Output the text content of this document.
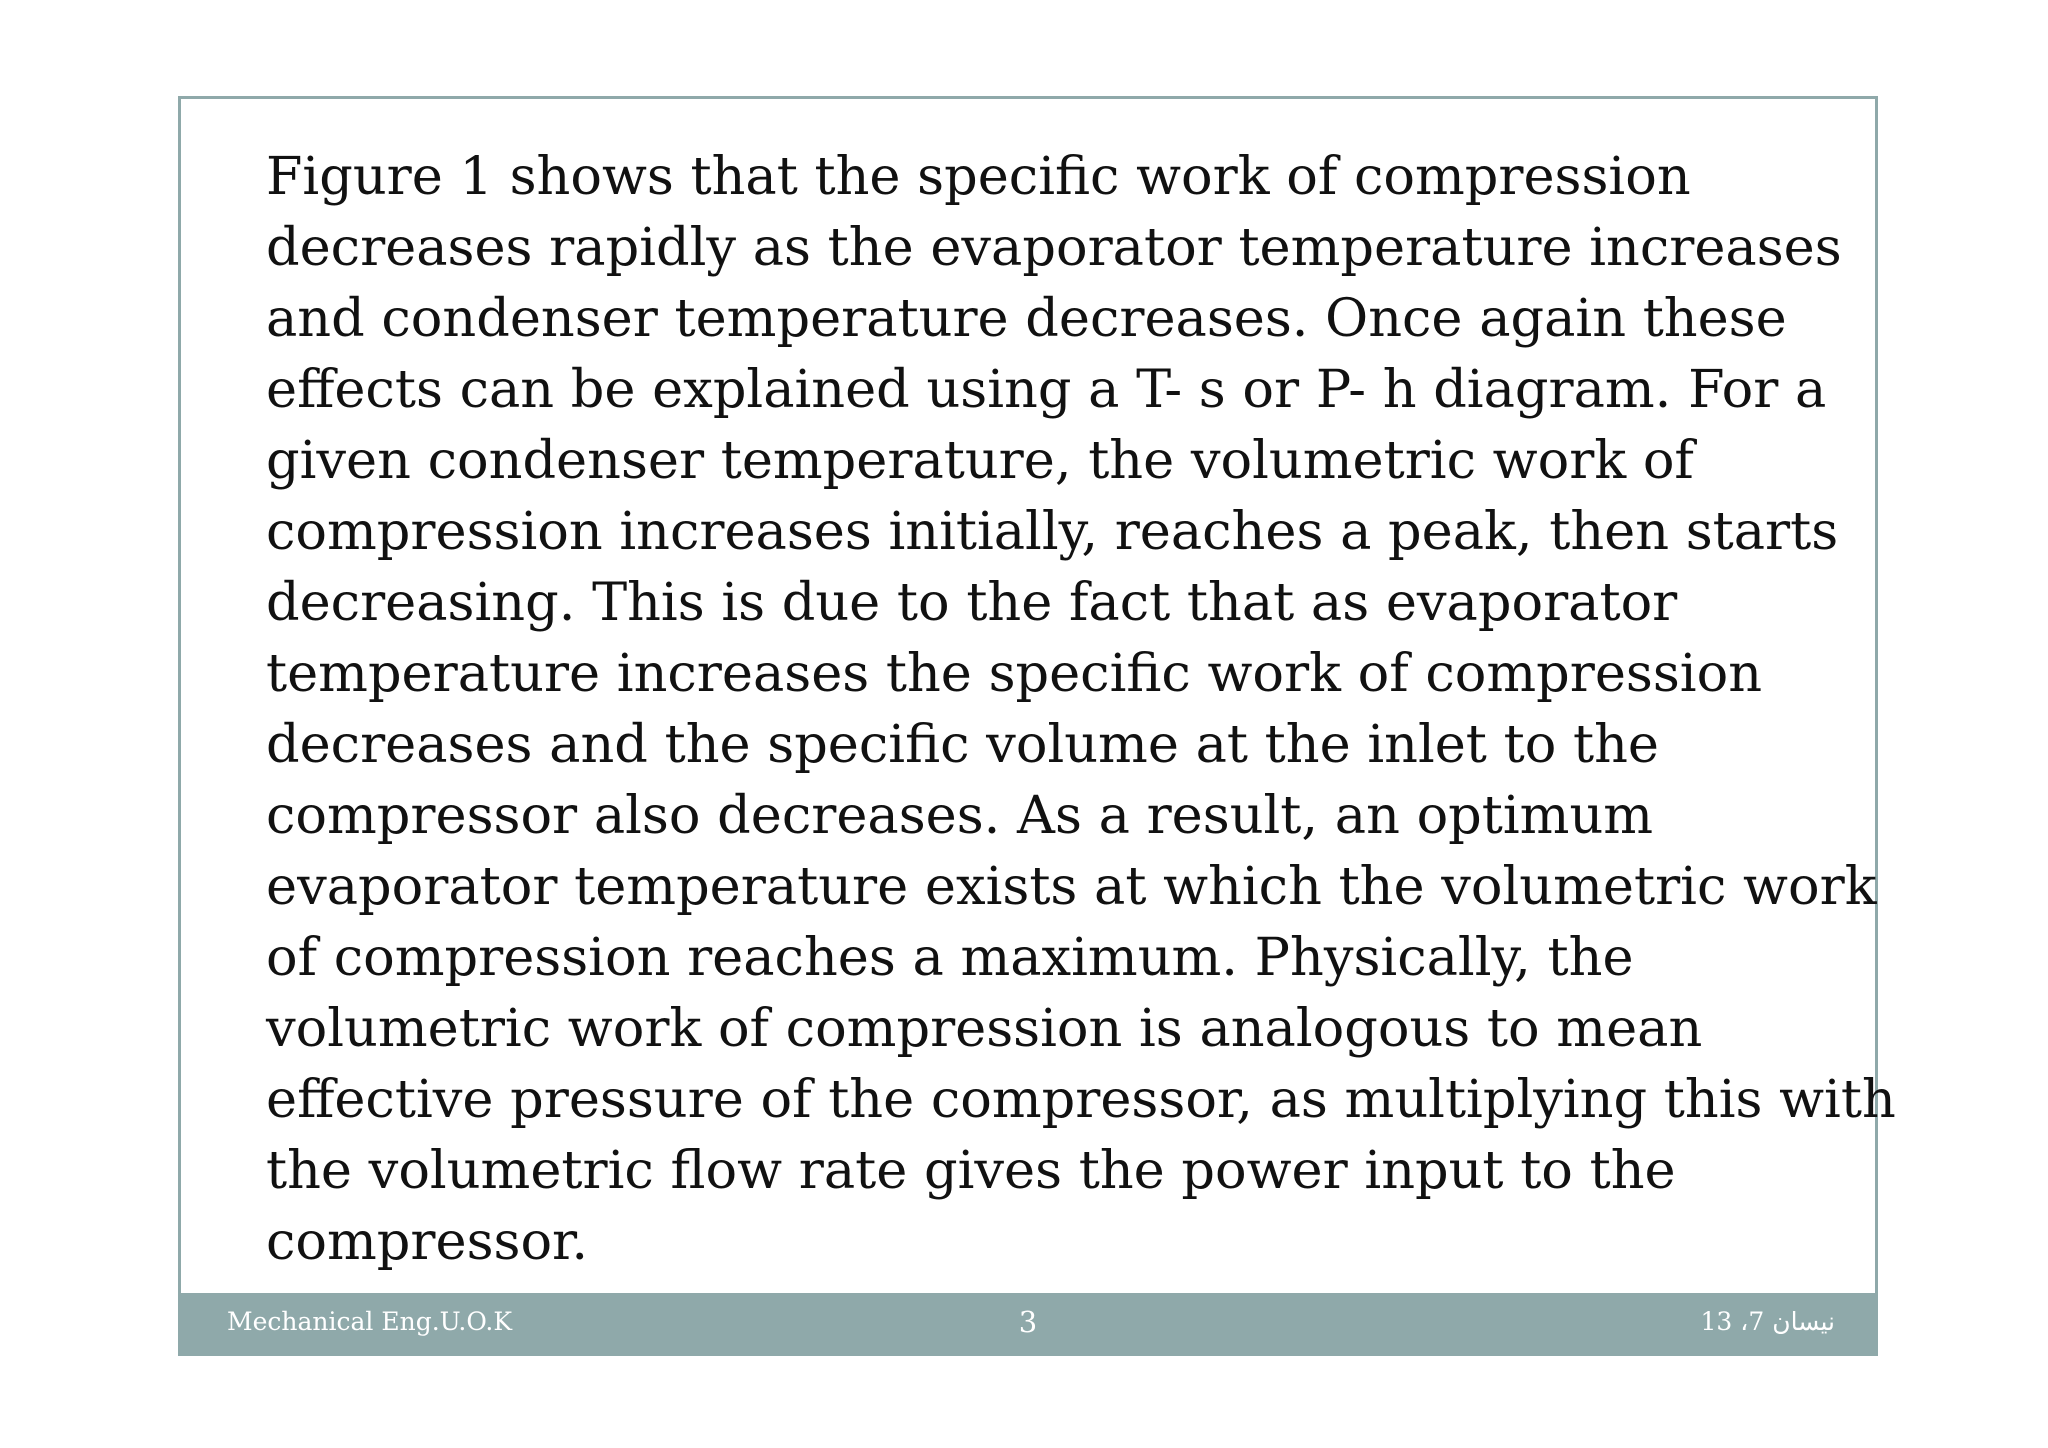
Figure 1 shows that the specific work of compression
decreases rapidly as the evaporator temperature increases
and condenser temperature decreases. Once again these
effects can be explained using a T- s or P- h diagram. For a
given condenser temperature, the volumetric work of
compression increases initially, reaches a peak, then starts
decreasing. This is due to the fact that as evaporator
temperature increases the specific work of compression
decreases and the specific volume at the inlet to the
compressor also decreases. As a result, an optimum
evaporator temperature exists at which the volumetric work
of compression reaches a maximum. Physically, the
volumetric work of compression is analogous to mean
effective pressure of the compressor, as multiplying this with
the volumetric flow rate gives the power input to the
compressor.

Mechanical Eng.U.O.K	3	نيسان 7، 13
